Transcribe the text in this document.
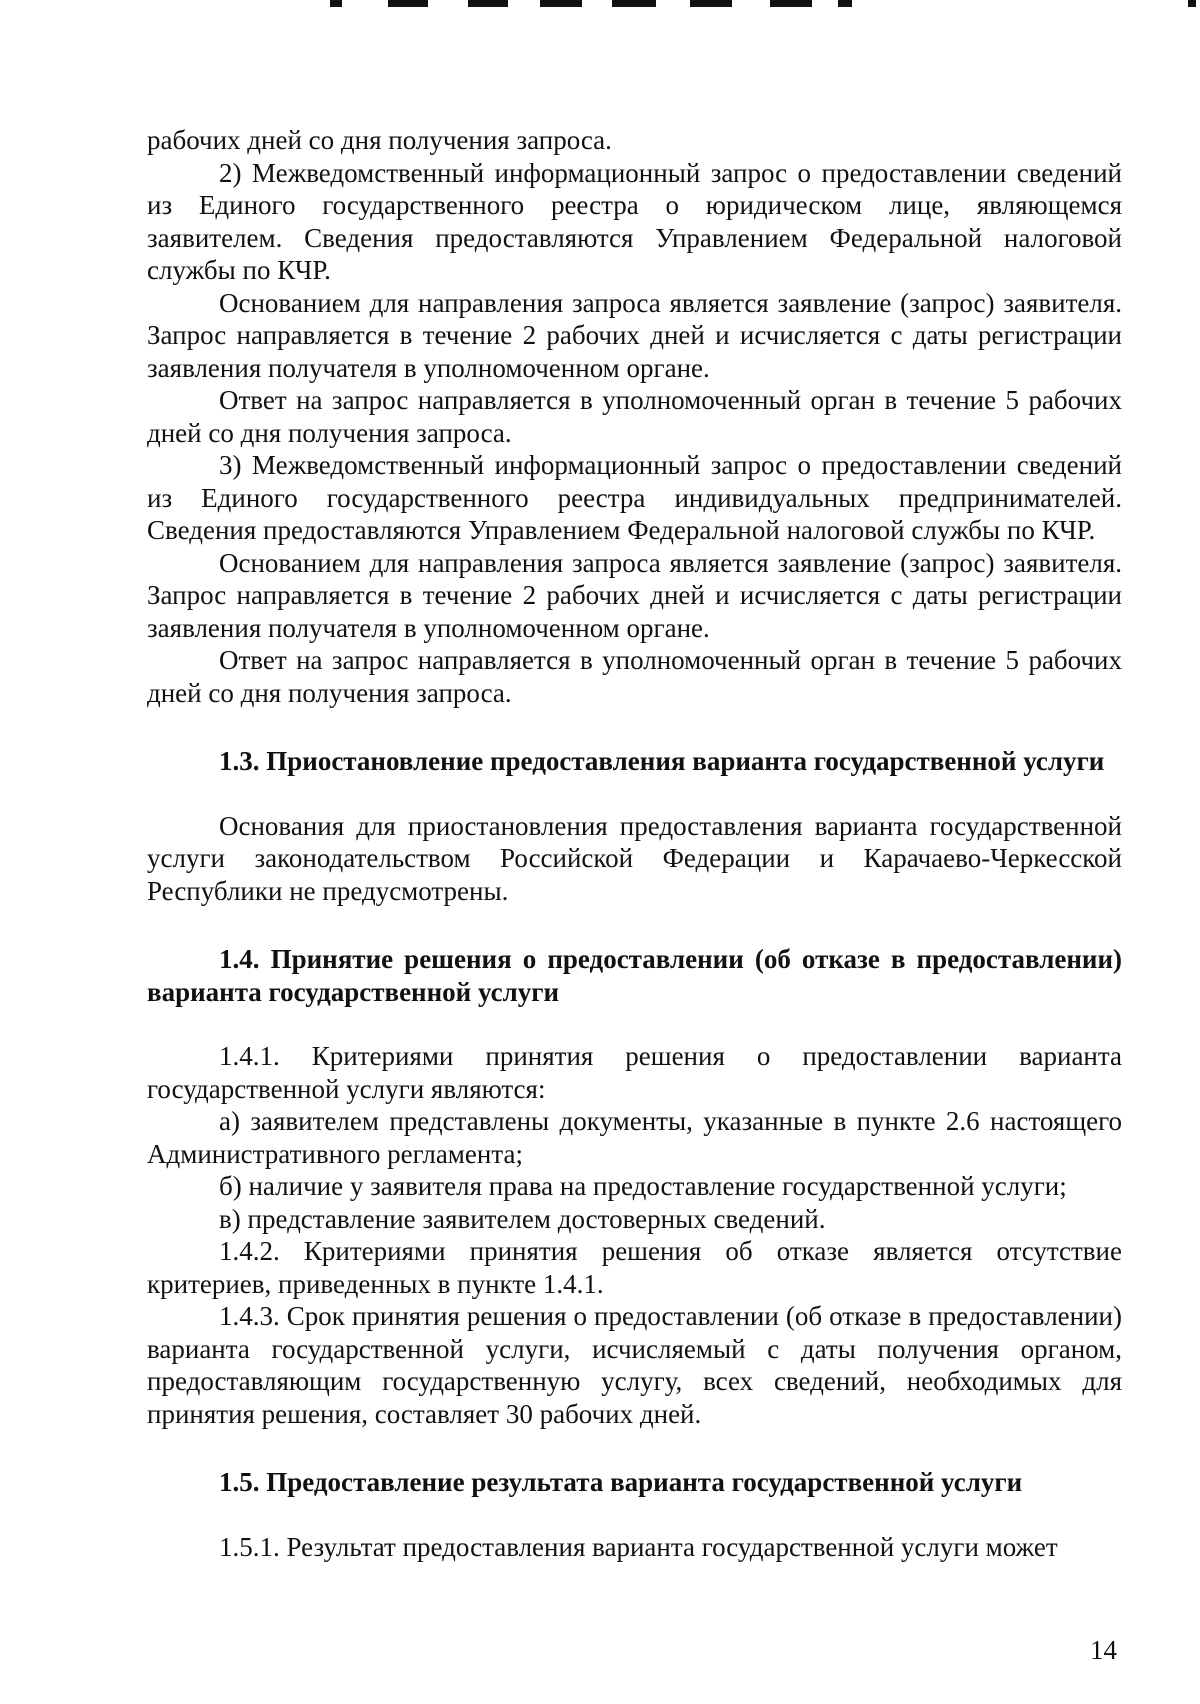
рабочих дней со дня получения запроса.

2) Межведомственный информационный запрос о предоставлении сведений из Единого государственного реестра о юридическом лице, являющемся заявителем. Сведения предоставляются Управлением Федеральной налоговой службы по КЧР.

Основанием для направления запроса является заявление (запрос) заявителя. Запрос направляется в течение 2 рабочих дней и исчисляется с даты регистрации заявления получателя в уполномоченном органе.

Ответ на запрос направляется в уполномоченный орган в течение 5 рабочих дней со дня получения запроса.

3) Межведомственный информационный запрос о предоставлении сведений из Единого государственного реестра индивидуальных предпринимателей. Сведения предоставляются Управлением Федеральной налоговой службы по КЧР.

Основанием для направления запроса является заявление (запрос) заявителя. Запрос направляется в течение 2 рабочих дней и исчисляется с даты регистрации заявления получателя в уполномоченном органе.

Ответ на запрос направляется в уполномоченный орган в течение 5 рабочих дней со дня получения запроса.

1.3. Приостановление предоставления варианта государственной услуги

Основания для приостановления предоставления варианта государственной услуги законодательством Российской Федерации и Карачаево-Черкесской Республики не предусмотрены.

1.4. Принятие решения о предоставлении (об отказе в предоставлении) варианта государственной услуги

1.4.1. Критериями принятия решения о предоставлении варианта государственной услуги являются:

а) заявителем представлены документы, указанные в пункте 2.6 настоящего Административного регламента;

б) наличие у заявителя права на предоставление государственной услуги;

в) представление заявителем достоверных сведений.

1.4.2. Критериями принятия решения об отказе является отсутствие критериев, приведенных в пункте 1.4.1.

1.4.3. Срок принятия решения о предоставлении (об отказе в предоставлении) варианта государственной услуги, исчисляемый с даты получения органом, предоставляющим государственную услугу, всех сведений, необходимых для принятия решения, составляет 30 рабочих дней.

1.5. Предоставление результата варианта государственной услуги

1.5.1. Результат предоставления варианта государственной услуги может

14
